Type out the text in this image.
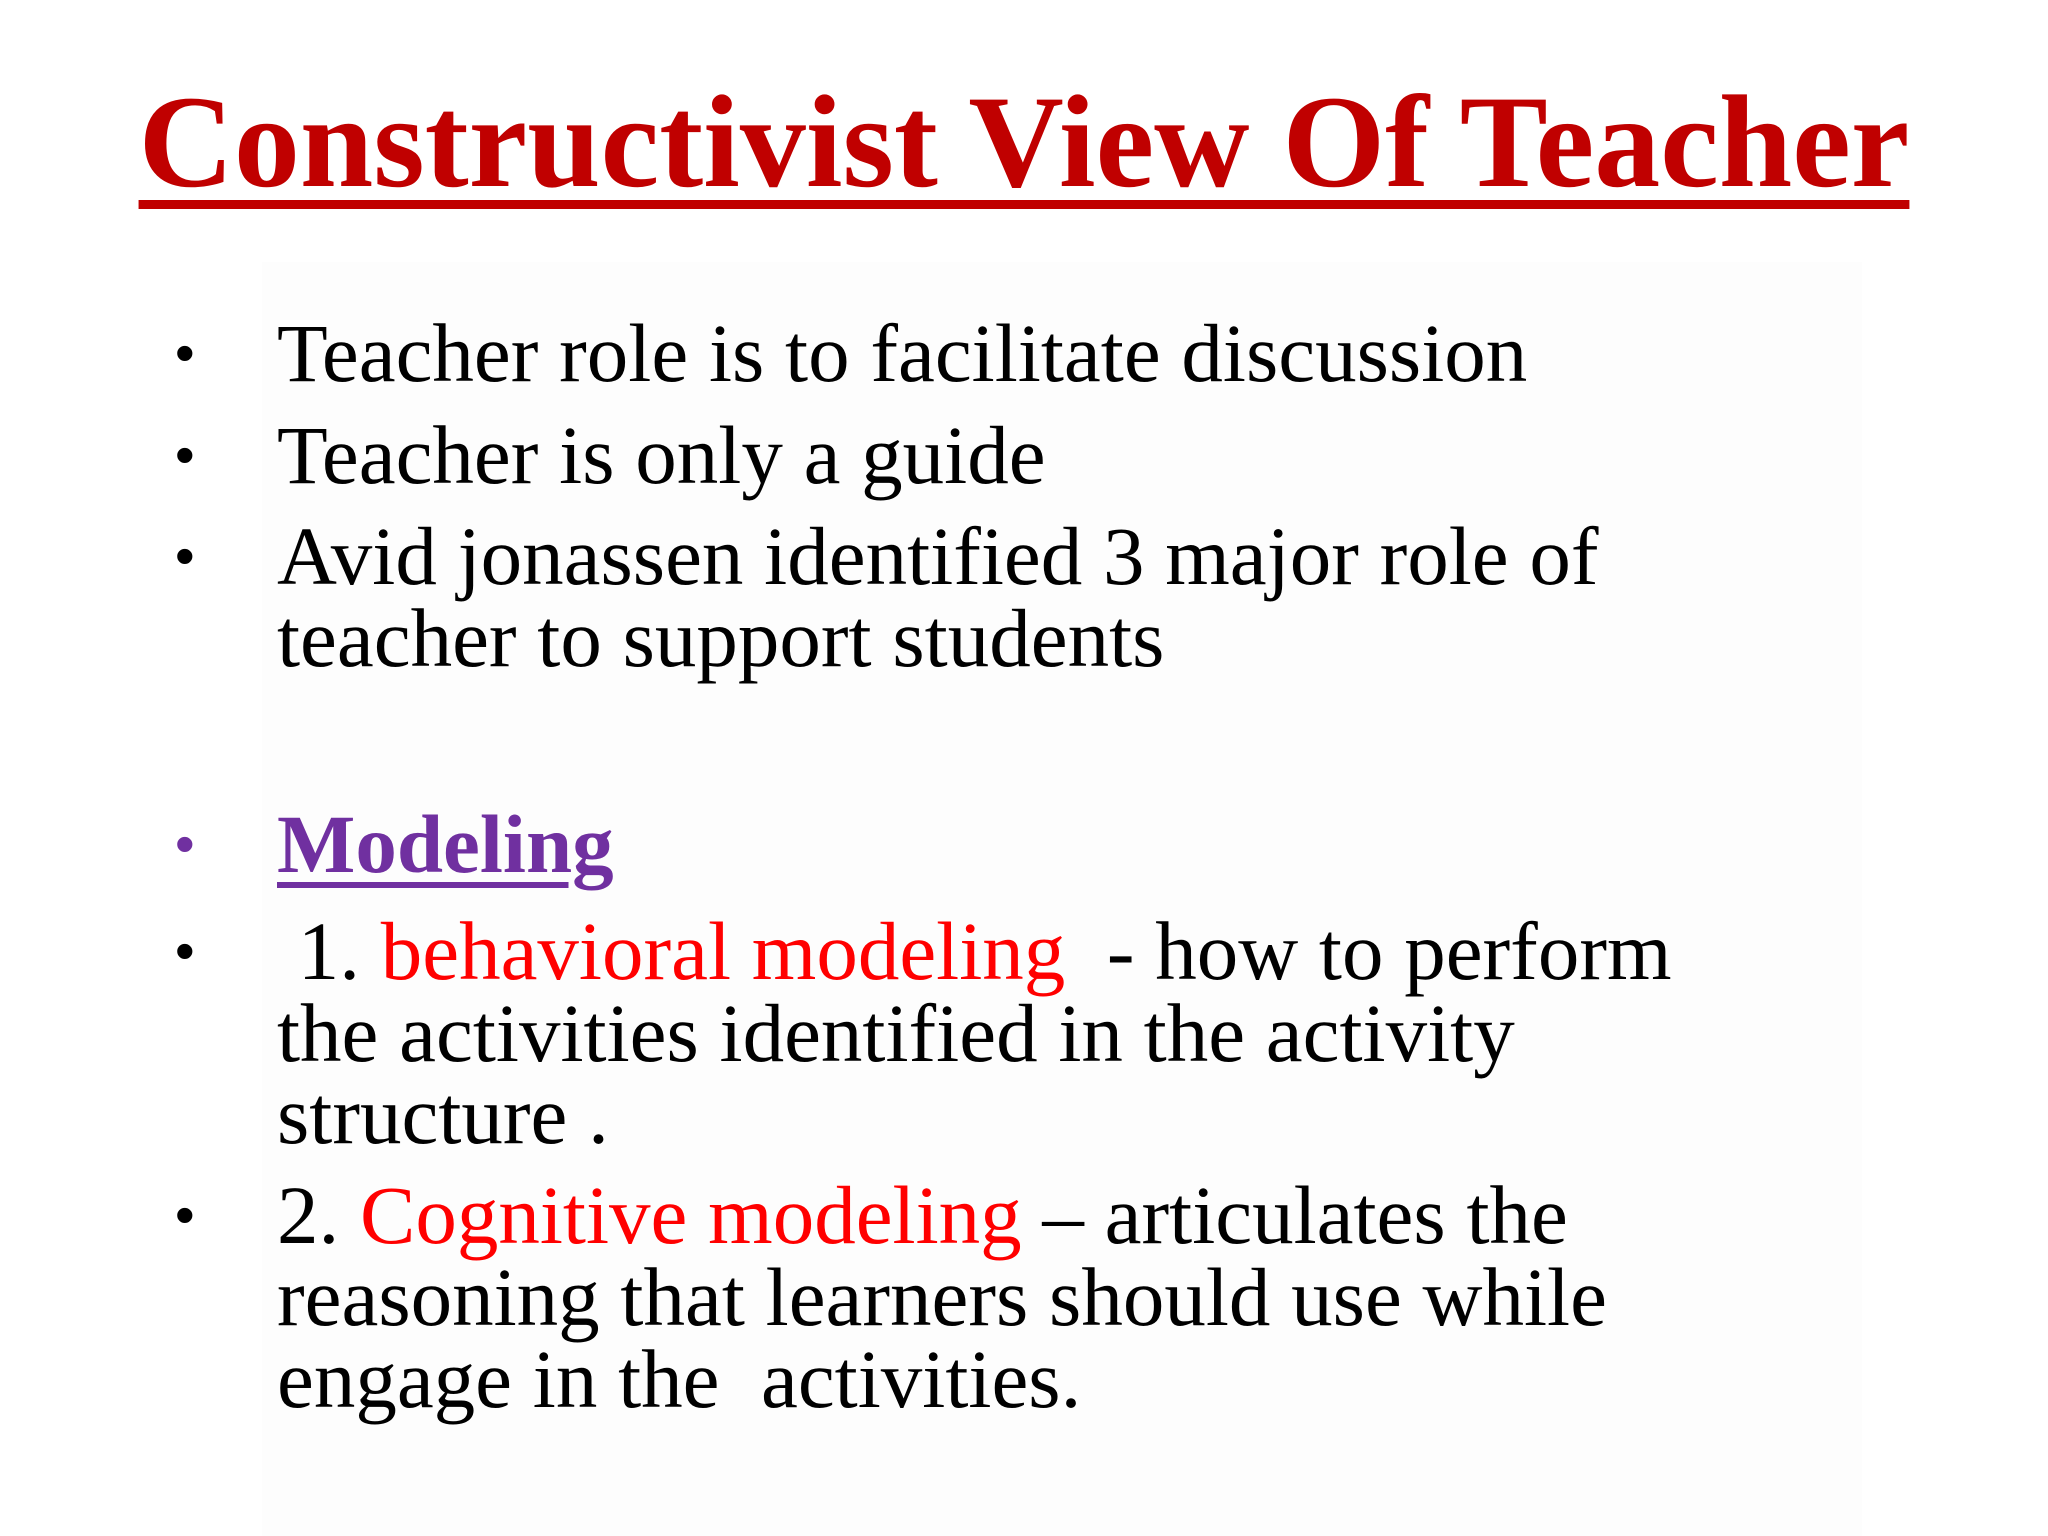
Constructivist View Of Teacher
• Teacher role is to facilitate discussion
• Teacher is only a guide
• Avid jonassen identified 3 major role of
teacher to support students
• Modeling
• 1. behavioral modeling  - how to perform
the activities identified in the activity
structure .
• 2. Cognitive modeling – articulates the
reasoning that learners should use while
engage in the  activities.
